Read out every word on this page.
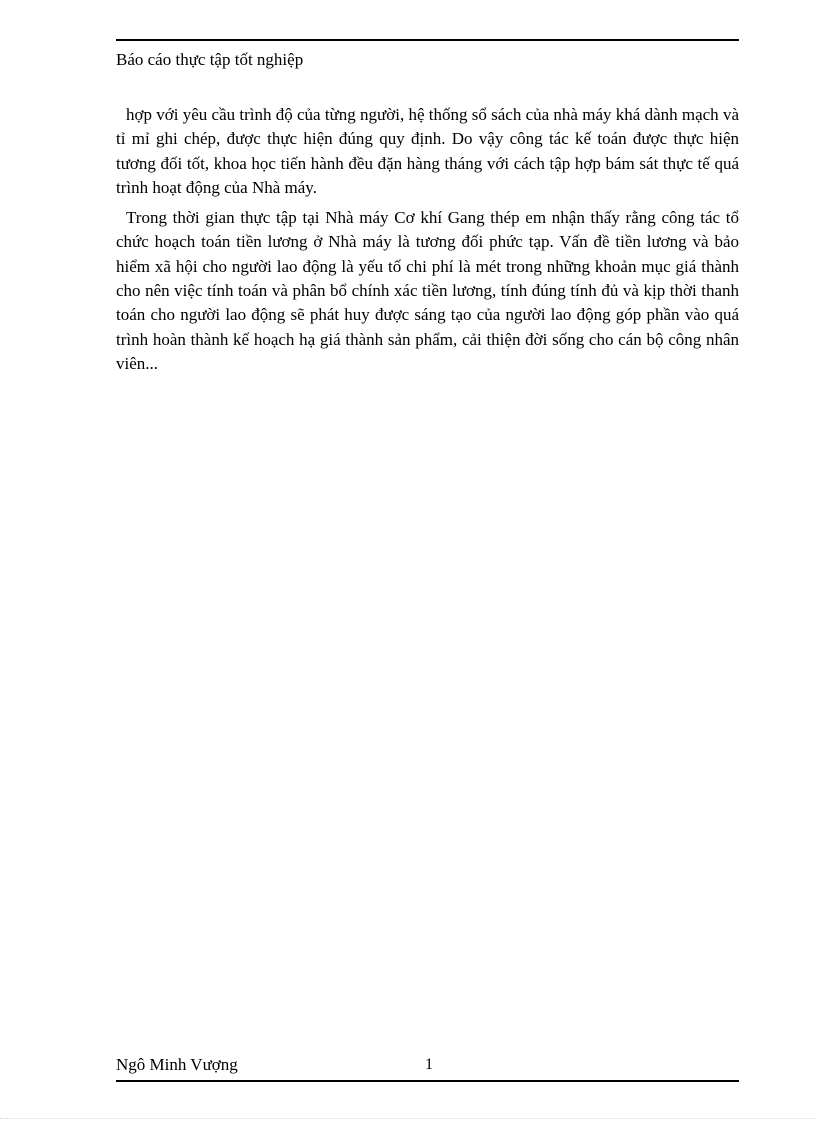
Báo cáo thực tập tốt nghiệp

hợp với yêu cầu trình độ của từng người, hệ thống sổ sách của nhà máy khá dành mạch và tỉ mỉ ghi chép, được thực hiện đúng quy định. Do vậy công tác kế toán được thực hiện tương đối tốt, khoa học tiến hành đều đặn hàng tháng với cách tập hợp bám sát thực tế quá trình hoạt động của Nhà máy.

Trong thời gian thực tập tại Nhà máy Cơ khí Gang thép em nhận thấy rằng công tác tổ chức hoạch toán tiền lương ở Nhà máy là tương đối phức tạp. Vấn đề tiền lương và bảo hiểm xã hội cho người lao động là yếu tố chi phí là mét trong những khoản mục giá thành cho nên việc tính toán và phân bổ chính xác tiền lương, tính đúng tính đủ và kịp thời thanh toán cho người lao động sẽ phát huy được sáng tạo của người lao động góp phần vào quá trình hoàn thành kế hoạch hạ giá thành sản phẩm, cải thiện đời sống cho cán bộ công nhân viên...

Ngô Minh Vượng	1
